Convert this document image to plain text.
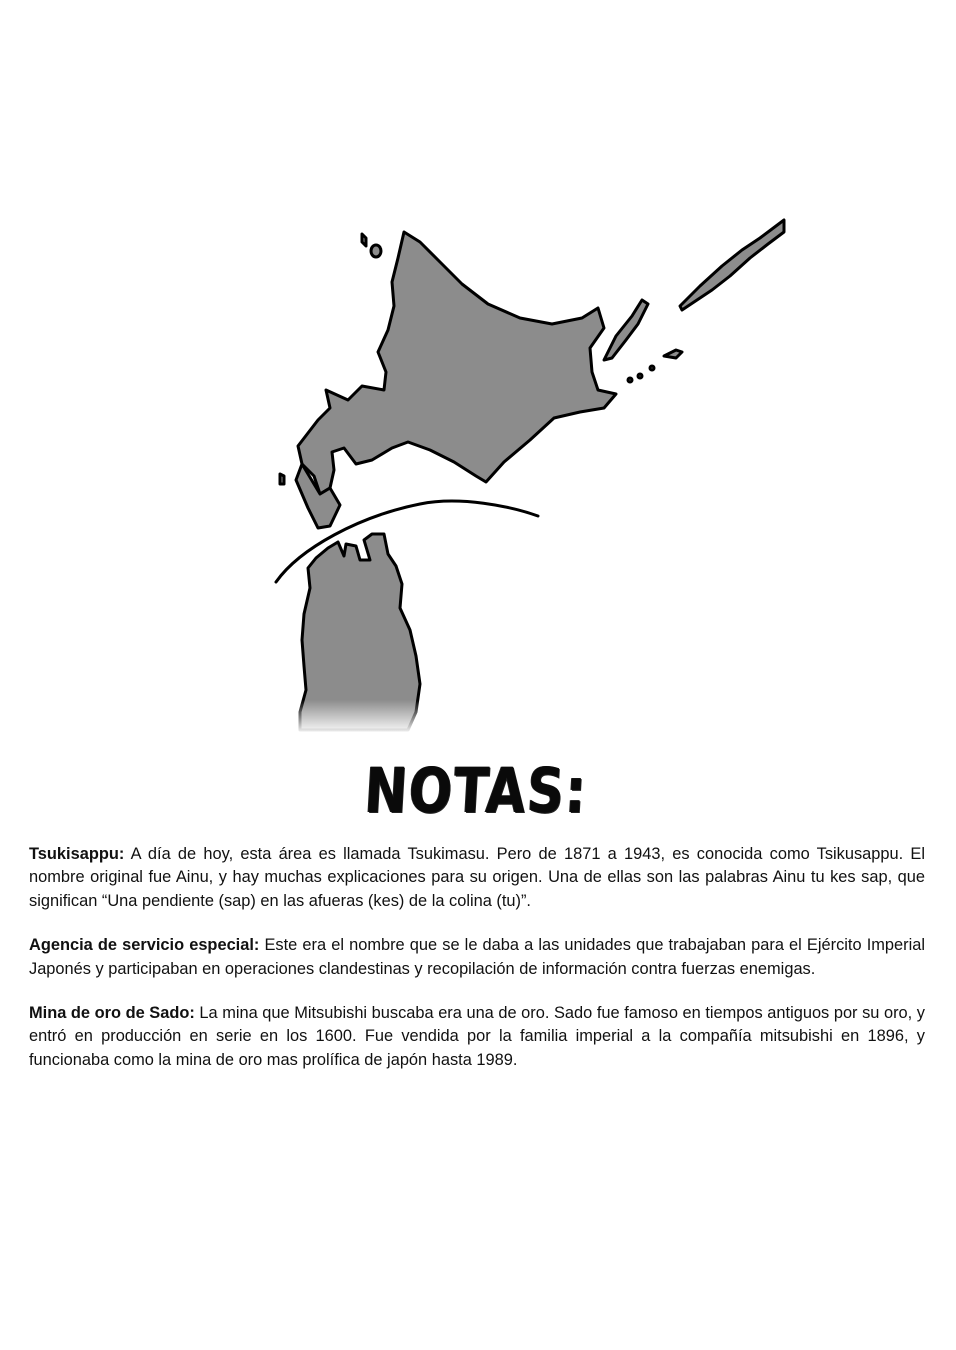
NOTAS:

Tsukisappu: A día de hoy, esta área es llamada Tsukimasu. Pero de 1871 a 1943, es conocida como Tsikusappu. El nombre original fue Ainu, y hay muchas explicaciones para su origen. Una de ellas son las palabras Ainu tu kes sap, que significan “Una pendiente (sap) en las afueras (kes) de la colina (tu)”.

Agencia de servicio especial: Este era el nombre que se le daba a las unidades que trabajaban para el Ejército Imperial Japonés y participaban en operaciones clandestinas y recopilación de información contra fuerzas enemigas.

Mina de oro de Sado: La mina que Mitsubishi buscaba era una de oro. Sado fue famoso en tiempos antiguos por su oro, y entró en producción en serie en los 1600. Fue vendida por la familia imperial a la compañía mitsubishi en 1896, y funcionaba como la mina de oro mas prolífica de japón hasta 1989.
